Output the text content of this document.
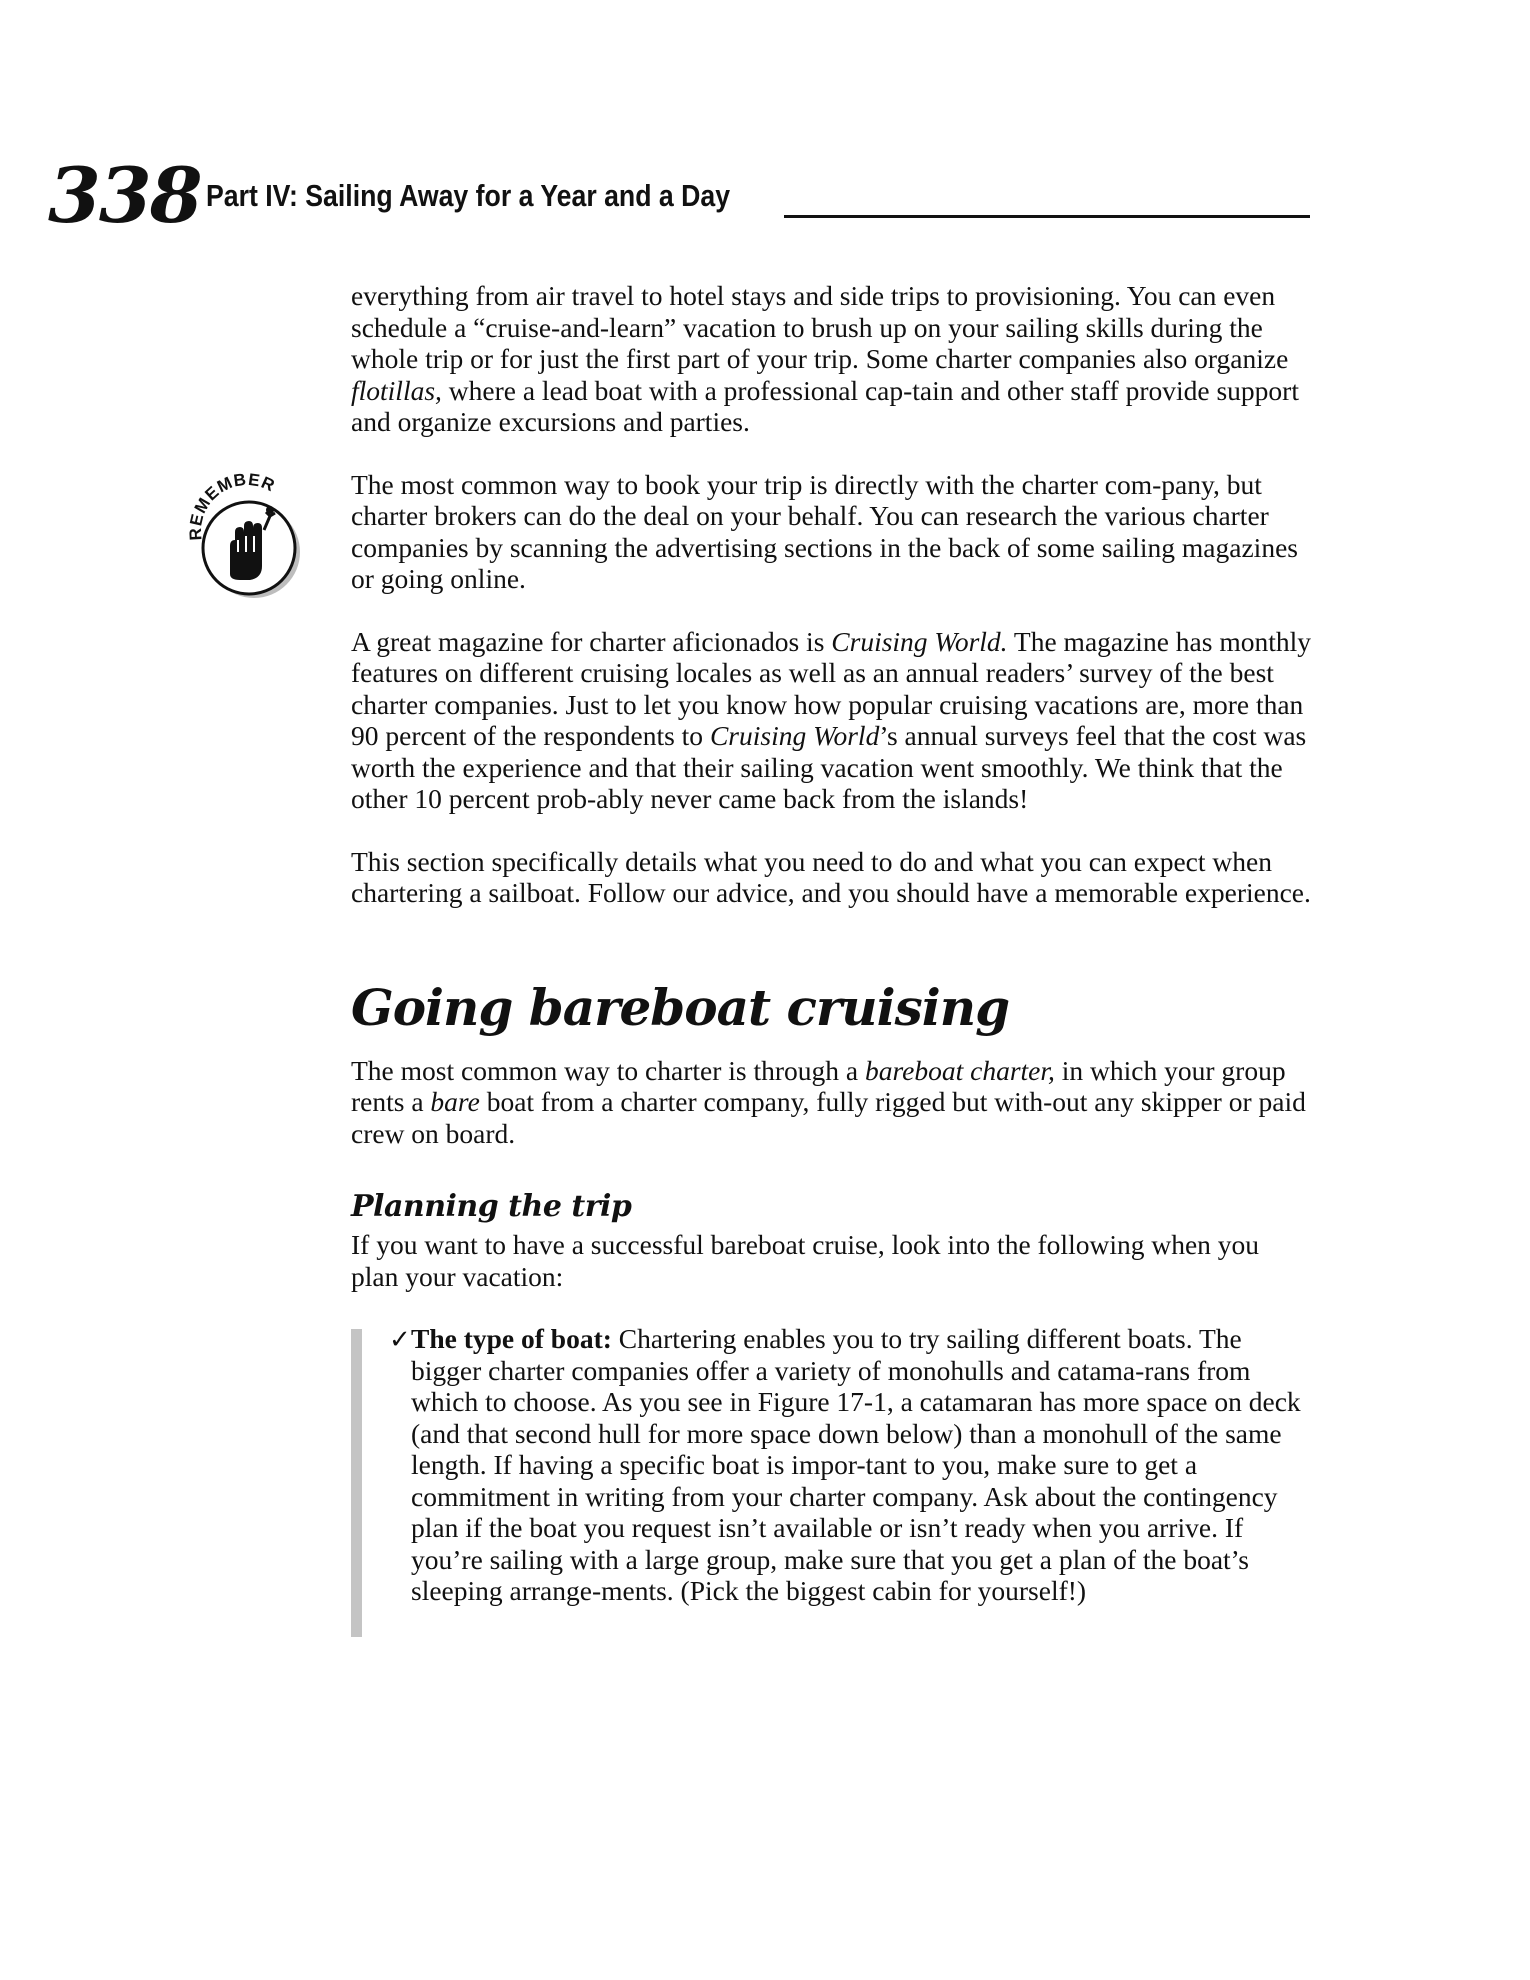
338 Part IV: Sailing Away for a Year and a Day
REMEMBER

everything from air travel to hotel stays and side trips to provisioning. You can even schedule a “cruise-and-learn” vacation to brush up on your sailing skills during the whole trip or for just the first part of your trip. Some charter companies also organize flotillas, where a lead boat with a professional cap-tain and other staff provide support and organize excursions and parties.

The most common way to book your trip is directly with the charter com-pany, but charter brokers can do the deal on your behalf. You can research the various charter companies by scanning the advertising sections in the back of some sailing magazines or going online.

A great magazine for charter aficionados is Cruising World. The magazine has monthly features on different cruising locales as well as an annual readers’ survey of the best charter companies. Just to let you know how popular cruising vacations are, more than 90 percent of the respondents to Cruising World’s annual surveys feel that the cost was worth the experience and that their sailing vacation went smoothly. We think that the other 10 percent prob-ably never came back from the islands!

This section specifically details what you need to do and what you can expect when chartering a sailboat. Follow our advice, and you should have a memorable experience.

Going bareboat cruising

The most common way to charter is through a bareboat charter, in which your group rents a bare boat from a charter company, fully rigged but with-out any skipper or paid crew on board.

Planning the trip

If you want to have a successful bareboat cruise, look into the following when you plan your vacation:

✓ The type of boat: Chartering enables you to try sailing different boats. The bigger charter companies offer a variety of monohulls and catama-rans from which to choose. As you see in Figure 17-1, a catamaran has more space on deck (and that second hull for more space down below) than a monohull of the same length. If having a specific boat is impor-tant to you, make sure to get a commitment in writing from your charter company. Ask about the contingency plan if the boat you request isn’t available or isn’t ready when you arrive. If you’re sailing with a large group, make sure that you get a plan of the boat’s sleeping arrange-ments. (Pick the biggest cabin for yourself!)
